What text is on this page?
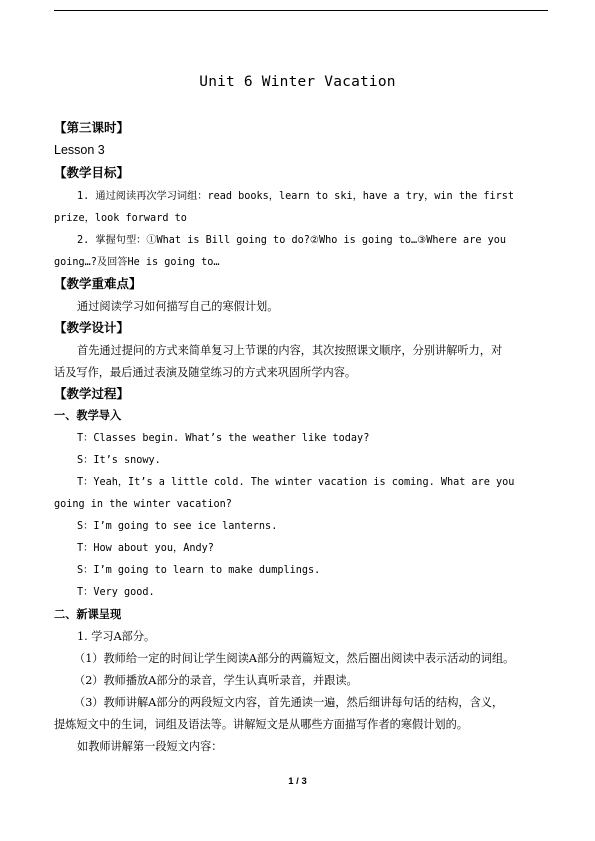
Unit 6 Winter Vacation
【第三课时】
Lesson 3
【教学目标】
1. 通过阅读再次学习词组：read books，learn to ski，have a try，win the first
prize，look forward to
2. 掌握句型：①What is Bill going to do?②Who is going to…③Where are you
going…?及回答He is going to…
【教学重难点】
通过阅读学习如何描写自己的寒假计划。
【教学设计】
首先通过提问的方式来简单复习上节课的内容，其次按照课文顺序，分别讲解听力，对
话及写作，最后通过表演及随堂练习的方式来巩固所学内容。
【教学过程】
一、教学导入
T：Classes begin. What’s the weather like today?
S：It’s snowy.
T：Yeah，It’s a little cold. The winter vacation is coming. What are you
going in the winter vacation?
S：I’m going to see ice lanterns.
T：How about you，Andy?
S：I’m going to learn to make dumplings.
T：Very good.
二、新课呈现
1. 学习A部分。
（1）教师给一定的时间让学生阅读A部分的两篇短文，然后圈出阅读中表示活动的词组。
（2）教师播放A部分的录音，学生认真听录音，并跟读。
（3）教师讲解A部分的两段短文内容，首先通读一遍，然后细讲每句话的结构，含义，
提炼短文中的生词，词组及语法等。讲解短文是从哪些方面描写作者的寒假计划的。
如教师讲解第一段短文内容：
1 / 3
